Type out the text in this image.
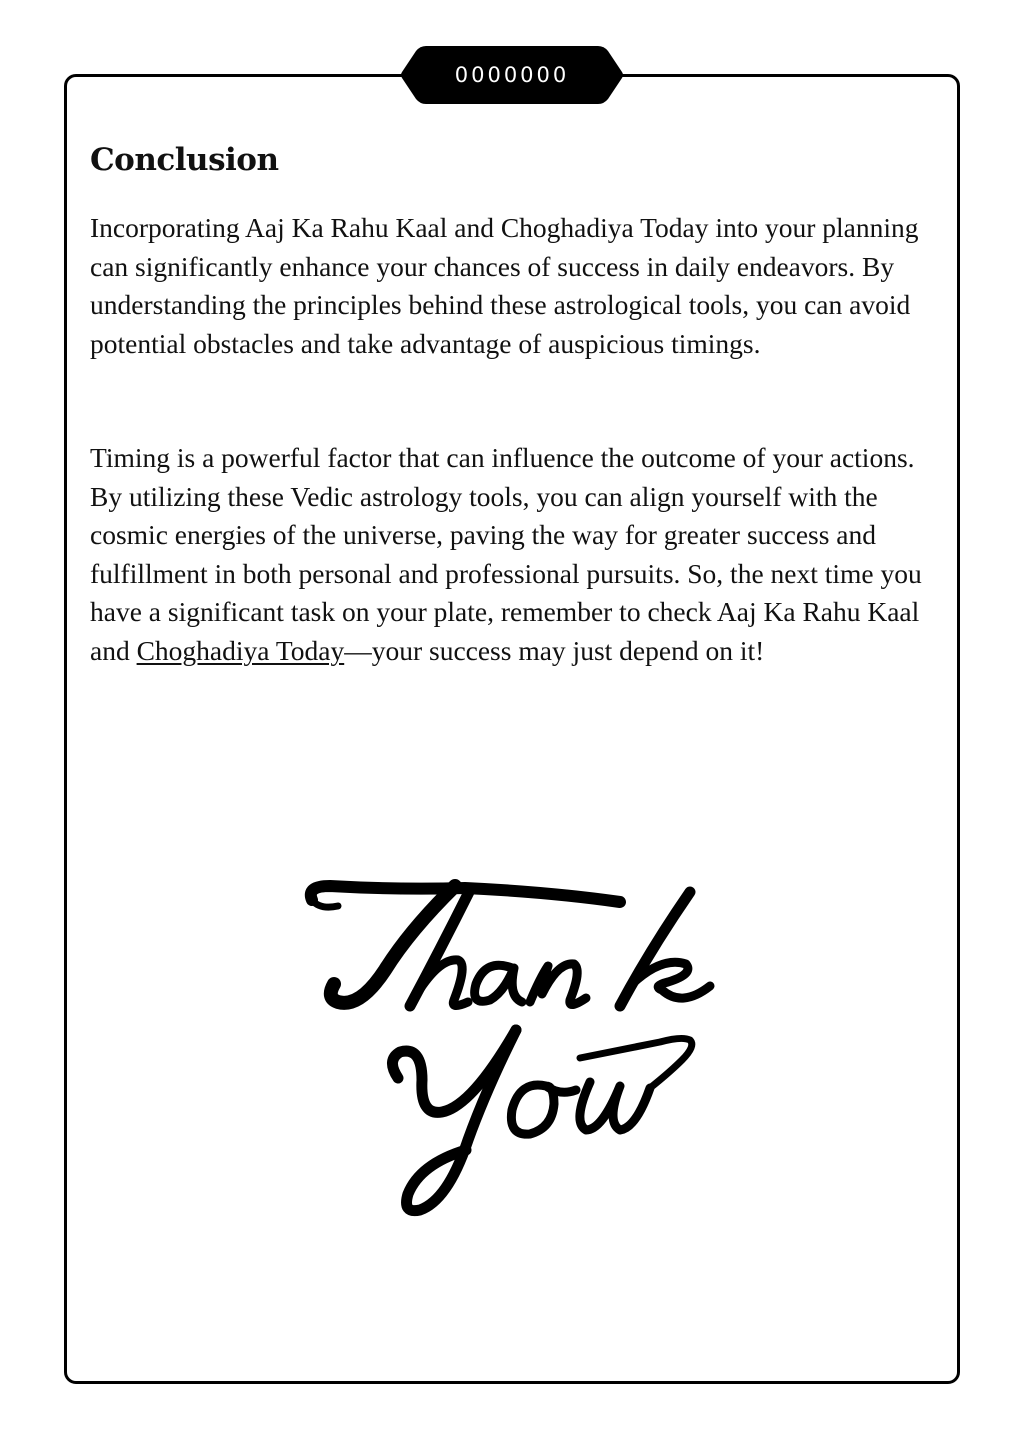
0000000
Conclusion

Incorporating Aaj Ka Rahu Kaal and Choghadiya Today into your planning can significantly enhance your chances of success in daily endeavors. By understanding the principles behind these astrological tools, you can avoid potential obstacles and take advantage of auspicious timings.

Timing is a powerful factor that can influence the outcome of your actions. By utilizing these Vedic astrology tools, you can align yourself with the cosmic energies of the universe, paving the way for greater success and fulfillment in both personal and professional pursuits. So, the next time you have a significant task on your plate, remember to check Aaj Ka Rahu Kaal and Choghadiya Today—your success may just depend on it!
